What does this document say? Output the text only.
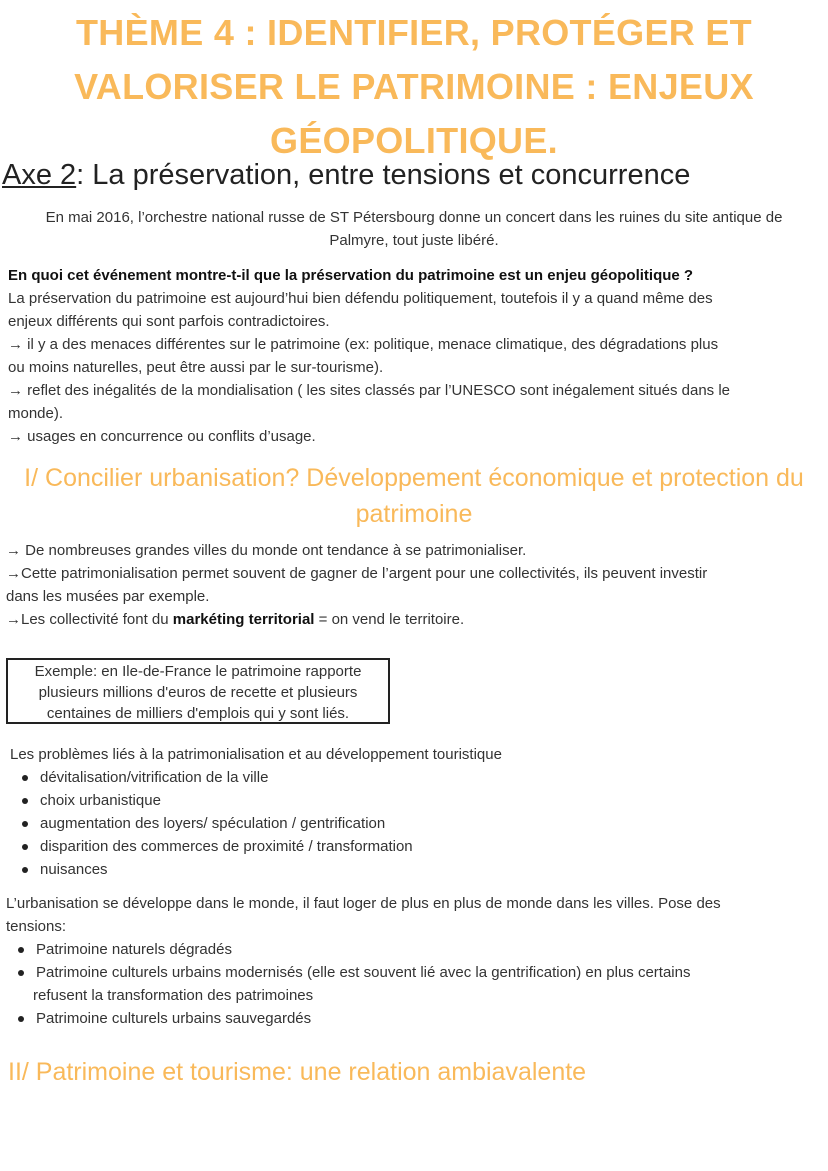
THÈME 4 : IDENTIFIER, PROTÉGER ET
VALORISER LE PATRIMOINE : ENJEUX
GÉOPOLITIQUE.
Axe 2: La préservation, entre tensions et concurrence
En mai 2016, l’orchestre national russe de ST Pétersbourg donne un concert dans les ruines du site antique de
Palmyre, tout juste libéré.
En quoi cet événement montre-t-il que la préservation du patrimoine est un enjeu géopolitique ?
La préservation du patrimoine est aujourd’hui bien défendu politiquement, toutefois il y a quand même des
enjeux différents qui sont parfois contradictoires.
→ il y a des menaces différentes sur le patrimoine (ex: politique, menace climatique, des dégradations plus
ou moins naturelles, peut être aussi par le sur-tourisme).
→ reflet des inégalités de la mondialisation ( les sites classés par l’UNESCO sont inégalement situés dans le
monde).
→ usages en concurrence ou conflits d’usage.
I/ Concilier urbanisation? Développement économique et protection du
patrimoine
→ De nombreuses grandes villes du monde ont tendance à se patrimonialiser.
→Cette patrimonialisation permet souvent de gagner de l’argent pour une collectivités, ils peuvent investir
dans les musées par exemple.
→Les collectivité font du markéting territorial = on vend le territoire.
Exemple: en Ile-de-France le patrimoine rapporte
plusieurs millions d'euros de recette et plusieurs
centaines de milliers d'emplois qui y sont liés.
Les problèmes liés à la patrimonialisation et au développement touristique
dévitalisation/vitrification de la ville
choix urbanistique
augmentation des loyers/ spéculation / gentrification
disparition des commerces de proximité / transformation
nuisances
L’urbanisation se développe dans le monde, il faut loger de plus en plus de monde dans les villes. Pose des
tensions:
Patrimoine naturels dégradés
Patrimoine culturels urbains modernisés (elle est souvent lié avec la gentrification) en plus certains
refusent la transformation des patrimoines
Patrimoine culturels urbains sauvegardés
II/ Patrimoine et tourisme: une relation ambiavalente
